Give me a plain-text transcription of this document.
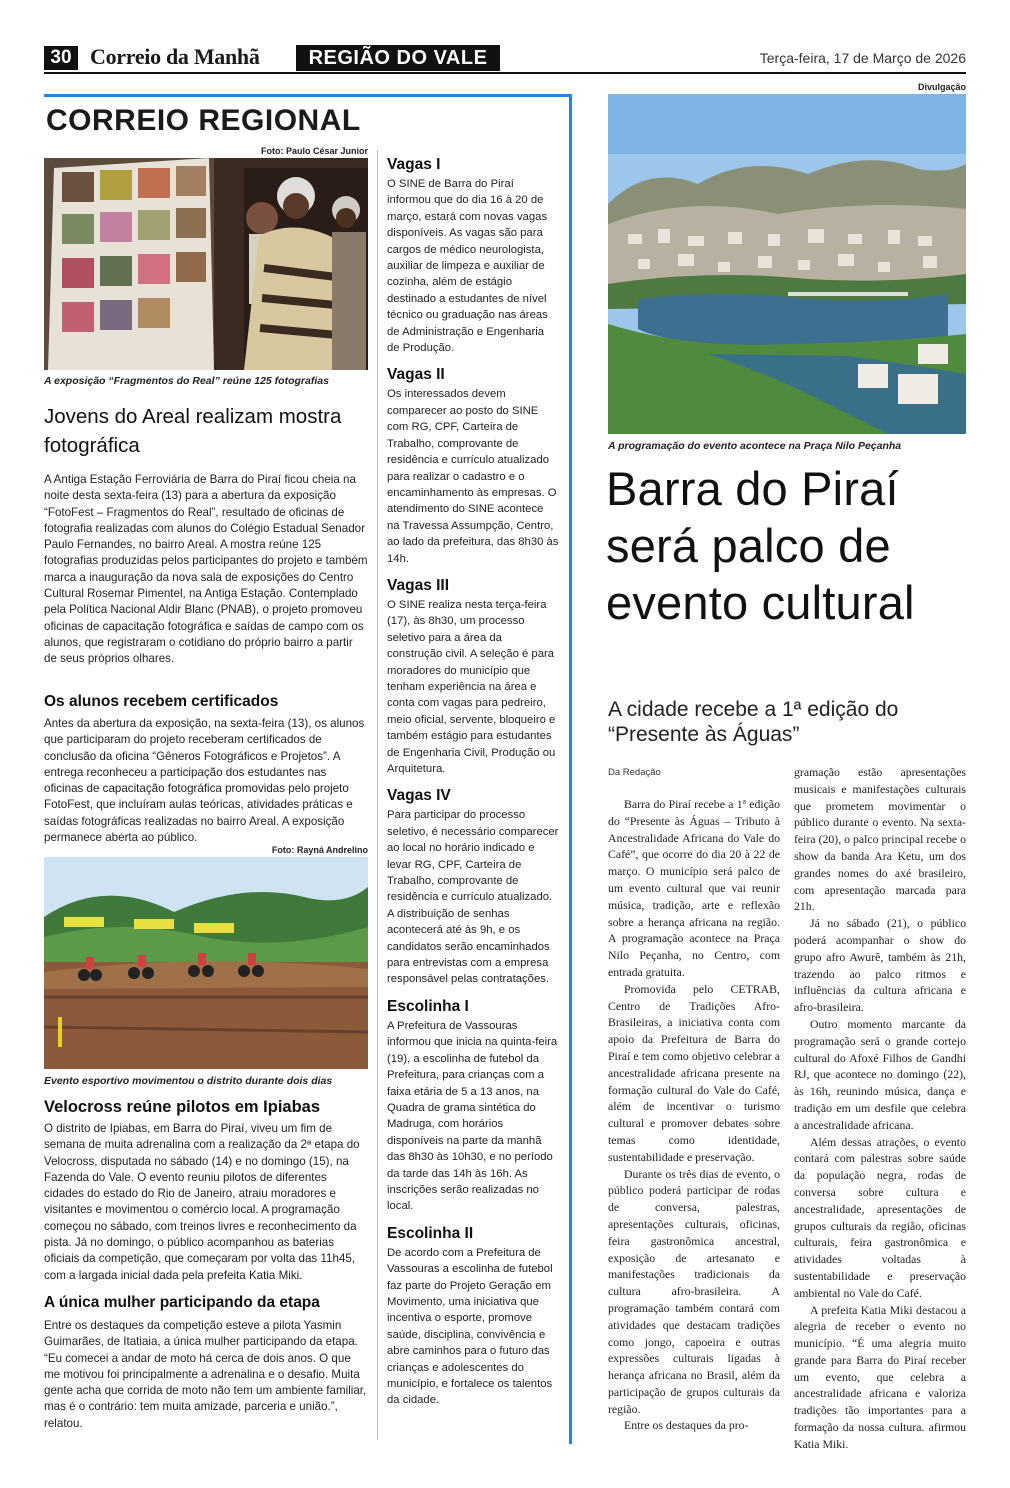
30 Correio da Manhã	REGIÃO DO VALE	Terça-feira, 17 de Março de 2026
CORREIO REGIONAL
Foto: Paulo César Junior
A exposição “Fragmentos do Real” reúne 125 fotografias
Jovens do Areal realizam mostra fotográfica
A Antiga Estação Ferroviária de Barra do Piraí ficou cheia na noite desta sexta-feira (13) para a abertura da exposição “FotoFest – Fragmentos do Real”, resultado de oficinas de fotografia realizadas com alunos do Colégio Estadual Senador Paulo Fernandes, no bairro Areal. A mostra reúne 125 fotografias produzidas pelos participantes do projeto e também marca a inauguração da nova sala de exposições do Centro Cultural Rosemar Pimentel, na Antiga Estação. Contemplado pela Política Nacional Aldir Blanc (PNAB), o projeto promoveu oficinas de capacitação fotográfica e saídas de campo com os alunos, que registraram o cotidiano do próprio bairro a partir de seus próprios olhares.
Os alunos recebem certificados
Antes da abertura da exposição, na sexta-feira (13), os alunos que participaram do projeto receberam certificados de conclusão da oficina “Gêneros Fotográficos e Projetos”. A entrega reconheceu a participação dos estudantes nas oficinas de capacitação fotográfica promovidas pelo projeto FotoFest, que incluíram aulas teóricas, atividades práticas e saídas fotográficas realizadas no bairro Areal. A exposição permanece aberta ao público.
Foto: Rayná Andrelino
Evento esportivo movimentou o distrito durante dois dias
Velocross reúne pilotos em Ipiabas
O distrito de Ipiabas, em Barra do Piraí, viveu um fim de semana de muita adrenalina com a realização da 2ª etapa do Velocross, disputada no sábado (14) e no domingo (15), na Fazenda do Vale. O evento reuniu pilotos de diferentes cidades do estado do Rio de Janeiro, atraiu moradores e visitantes e movimentou o comércio local. A programação começou no sábado, com treinos livres e reconhecimento da pista. Já no domingo, o público acompanhou as baterias oficiais da competição, que começaram por volta das 11h45, com a largada inicial dada pela prefeita Katia Miki.
A única mulher participando da etapa
Entre os destaques da competição esteve a pilota Yasmin Guimarães, de Itatiaia, a única mulher participando da etapa. “Eu comecei a andar de moto há cerca de dois anos. O que me motivou foi principalmente a adrenalina e o desafio. Muita gente acha que corrida de moto não tem um ambiente familiar, mas é o contrário: tem muita amizade, parceria e união.”, relatou.
Vagas I
O SINE de Barra do Piraí informou que do dia 16 à 20 de março, estará com novas vagas disponíveis. As vagas são para cargos de médico neurologista, auxiliar de limpeza e auxiliar de cozinha, além de estágio destinado a estudantes de nível técnico ou graduação nas áreas de Administração e Engenharia de Produção.
Vagas II
Os interessados devem comparecer ao posto do SINE com RG, CPF, Carteira de Trabalho, comprovante de residência e currículo atualizado para realizar o cadastro e o encaminhamento às empresas. O atendimento do SINE acontece na Travessa Assumpção, Centro, ao lado da prefeitura, das 8h30 às 14h.
Vagas III
O SINE realiza nesta terça-feira (17), às 8h30, um processo seletivo para a área da construção civil. A seleção é para moradores do município que tenham experiência na área e conta com vagas para pedreiro, meio oficial, servente, bloqueiro e também estágio para estudantes de Engenharia Civil, Produção ou Arquitetura.
Vagas IV
Para participar do processo seletivo, é necessário comparecer ao local no horário indicado e levar RG, CPF, Carteira de Trabalho, comprovante de residência e currículo atualizado. A distribuição de senhas acontecerá até às 9h, e os candidatos serão encaminhados para entrevistas com a empresa responsável pelas contratações.
Escolinha I
A Prefeitura de Vassouras informou que inicia na quinta-feira (19), a escolinha de futebol da Prefeitura, para crianças com a faixa etária de 5 a 13 anos, na Quadra de grama sintética do Madruga, com horários disponíveis na parte da manhã das 8h30 às 10h30, e no período da tarde das 14h às 16h. As inscrições serão realizadas no local.
Escolinha II
De acordo com a Prefeitura de Vassouras a escolinha de futebol faz parte do Projeto Geração em Movimento, uma iniciativa que incentiva o esporte, promove saúde, disciplina, convivência e abre caminhos para o futuro das crianças e adolescentes do município, e fortalece os talentos da cidade.
Divulgação
A programação do evento acontece na Praça Nilo Peçanha
Barra do Piraí será palco de evento cultural
A cidade recebe a 1ª edição do “Presente às Águas”
Da Redação

Barra do Piraí recebe a 1ª edição do “Presente às Águas – Tributo à Ancestralidade Africana do Vale do Café”, que ocorre do dia 20 à 22 de março. O município será palco de um evento cultural que vai reunir música, tradição, arte e reflexão sobre a herança africana na região. A programação acontece na Praça Nilo Peçanha, no Centro, com entrada gratuita.

Promovida pelo CETRAB, Centro de Tradições Afro-Brasileiras, a iniciativa conta com apoio da Prefeitura de Barra do Piraí e tem como objetivo celebrar a ancestralidade africana presente na formação cultural do Vale do Café, além de incentivar o turismo cultural e promover debates sobre temas como identidade, sustentabilidade e preservação.

Durante os três dias de evento, o público poderá participar de rodas de conversa, palestras, apresentações culturais, oficinas, feira gastronômica ancestral, exposição de artesanato e manifestações tradicionais da cultura afro-brasileira. A programação também contará com atividades que destacam tradições como jongo, capoeira e outras expressões culturais ligadas à herança africana no Brasil, além da participação de grupos culturais da região.

Entre os destaques da pro-

gramação estão apresentações musicais e manifestações culturais que prometem movimentar o público durante o evento. Na sexta-feira (20), o palco principal recebe o show da banda Ara Ketu, um dos grandes nomes do axé brasileiro, com apresentação marcada para 21h.

Já no sábado (21), o público poderá acompanhar o show do grupo afro Awurê, também às 21h, trazendo ao palco ritmos e influências da cultura africana e afro-brasileira.

Outro momento marcante da programação será o grande cortejo cultural do Afoxé Filhos de Gandhi RJ, que acontece no domingo (22), às 16h, reunindo música, dança e tradição em um desfile que celebra a ancestralidade africana.

Além dessas atrações, o evento contará com palestras sobre saúde da população negra, rodas de conversa sobre cultura e ancestralidade, apresentações de grupos culturais da região, oficinas culturais, feira gastronômica e atividades voltadas à sustentabilidade e preservação ambiental no Vale do Café.

A prefeita Katia Miki destacou a alegria de receber o evento no município. “É uma alegria muito grande para Barra do Piraí receber um evento, que celebra a ancestralidade africana e valoriza tradições tão importantes para a formação da nossa cultura. afirmou Katia Miki.
